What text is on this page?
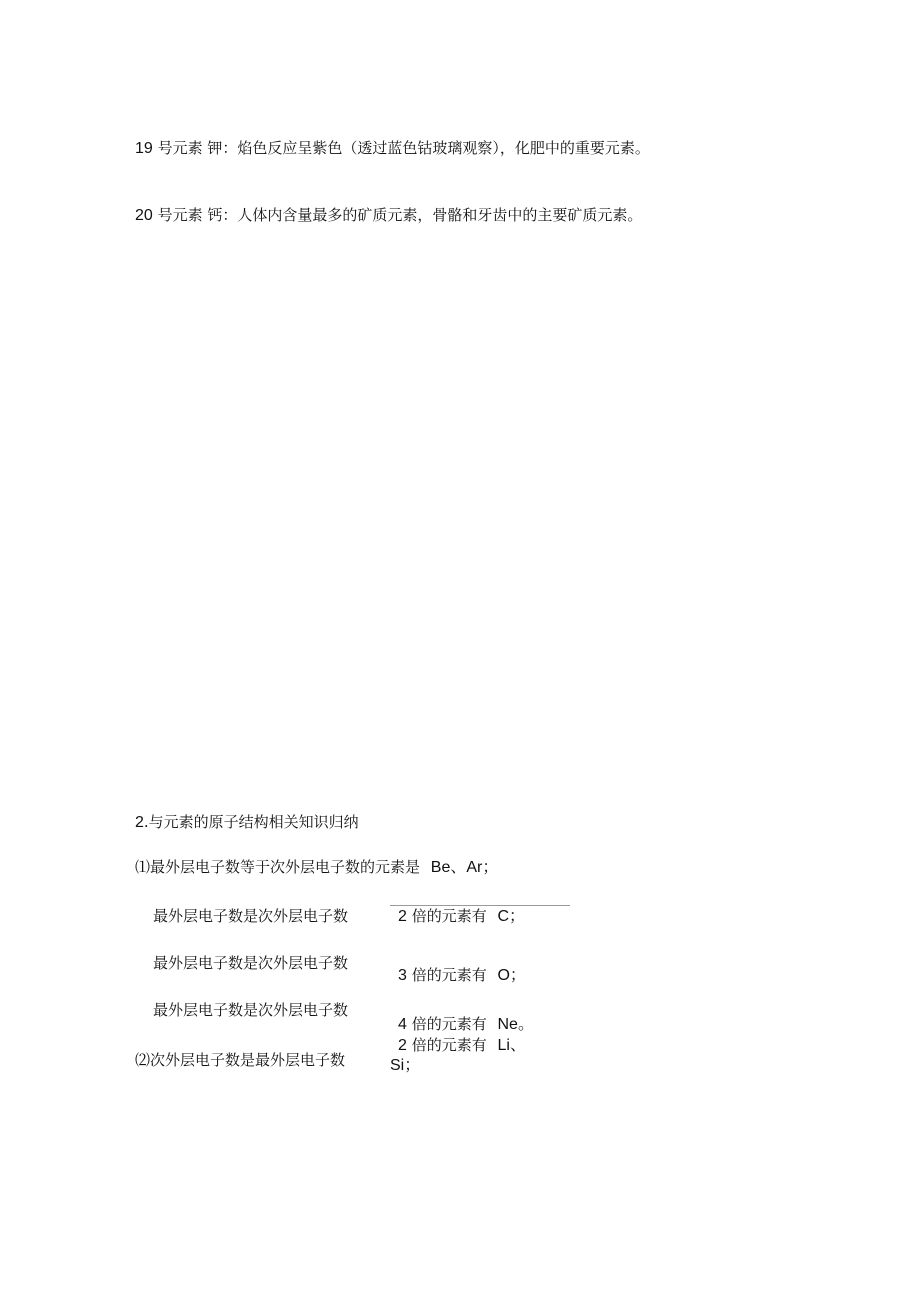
19 号元素 钾：焰色反应呈紫色（透过蓝色钴玻璃观察），化肥中的重要元素。
20 号元素 钙：人体内含量最多的矿质元素，骨骼和牙齿中的主要矿质元素。
2.与元素的原子结构相关知识归纳
⑴最外层电子数等于次外层电子数的元素是 Be、Ar；
最外层电子数是次外层电子数	2 倍的元素有 C；
最外层电子数是次外层电子数
3 倍的元素有 O；
最外层电子数是次外层电子数
4 倍的元素有 Ne。
2 倍的元素有 Li、
⑵次外层电子数是最外层电子数	Si；
